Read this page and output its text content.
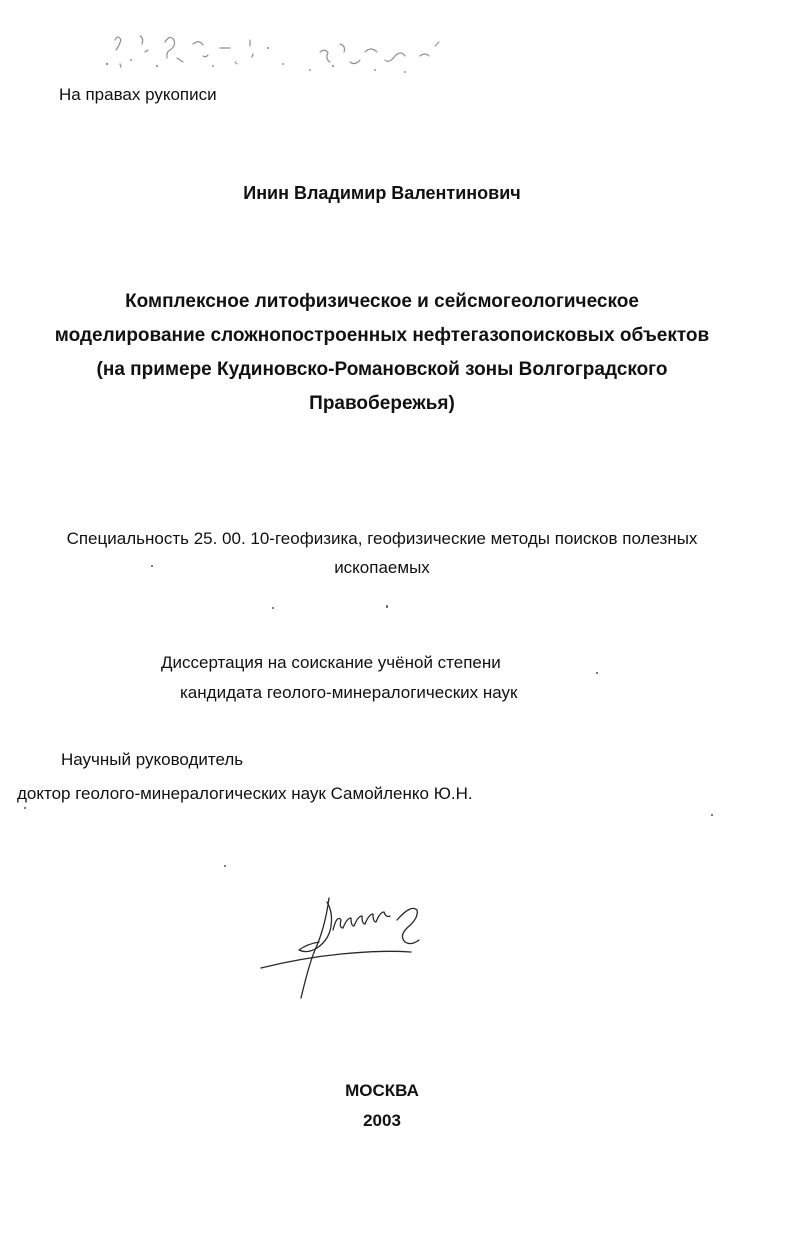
На правах рукописи
Инин Владимир Валентинович
Комплексное литофизическое и сейсмогеологическое
моделирование сложнопостроенных нефтегазопоисковых объектов
(на примере Кудиновско-Романовской зоны Волгоградского
Правобережья)
Специальность 25. 00. 10-геофизика, геофизические методы поисков полезных
ископаемых
Диссертация на соискание учёной степени
кандидата геолого-минералогических наук
Научный руководитель
доктор геолого-минералогических наук Самойленко Ю.Н.
МОСКВА
2003
